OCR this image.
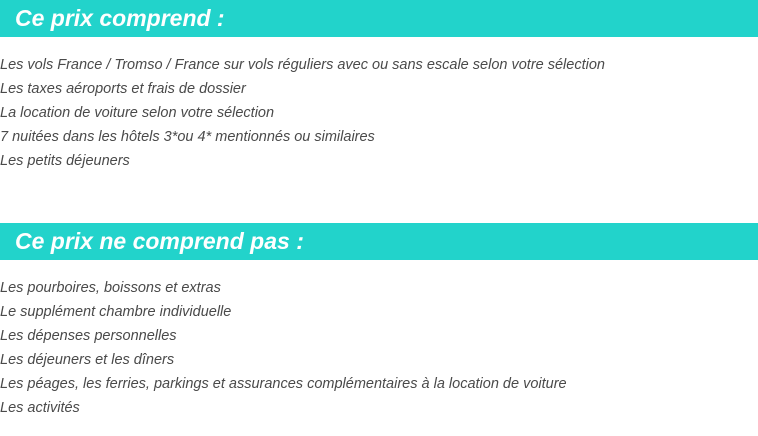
Ce prix comprend :
Les vols France / Tromso / France sur vols réguliers avec ou sans escale selon votre sélection
Les taxes aéroports et frais de dossier
La location de voiture selon votre sélection
7 nuitées dans les hôtels 3*ou 4* mentionnés ou similaires
Les petits déjeuners
Ce prix ne comprend pas :
Les pourboires, boissons et extras
Le supplément chambre individuelle
Les dépenses personnelles
Les déjeuners et les dîners
Les péages, les ferries, parkings et assurances complémentaires à la location de voiture
Les activités
